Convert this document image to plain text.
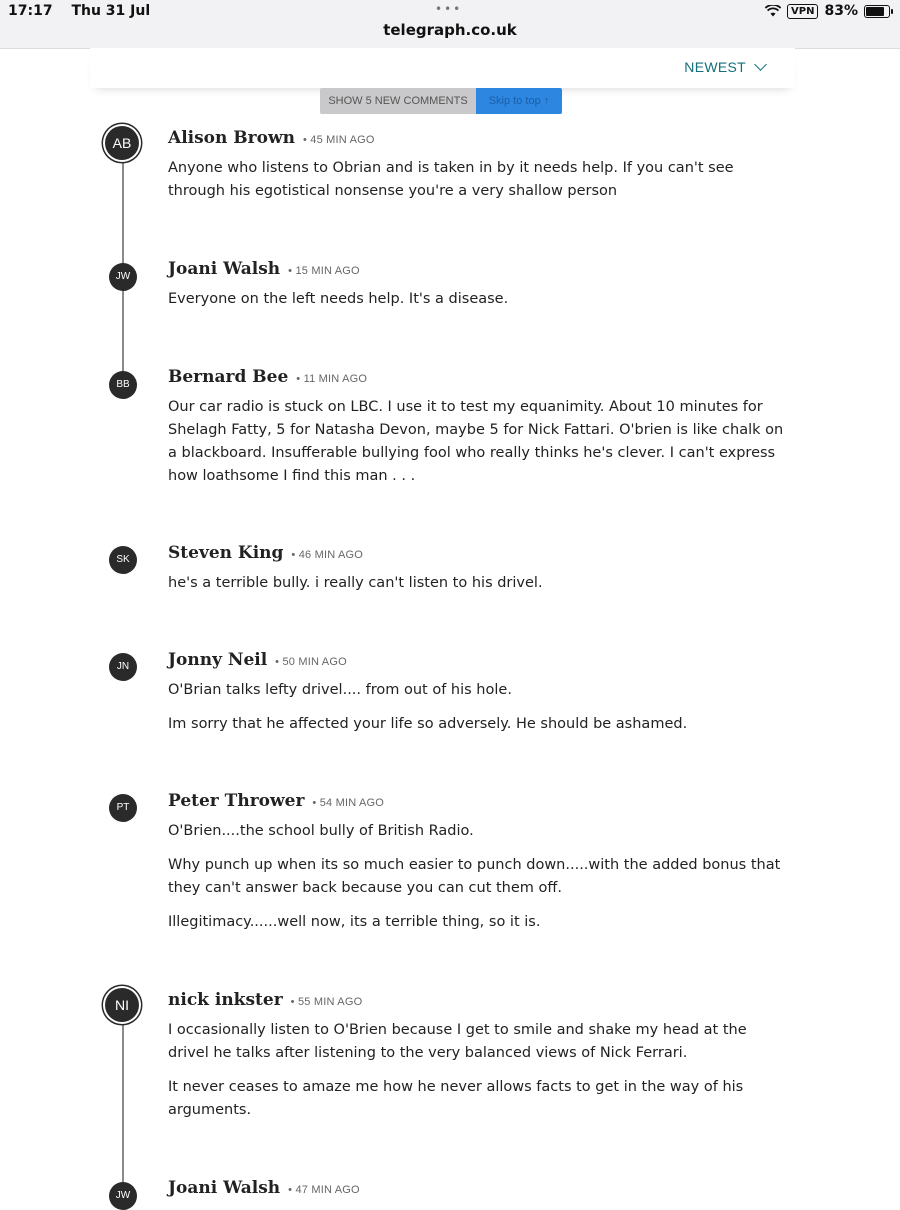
17:17 Thu 31 Jul	•••
telegraph.co.uk
VPN 83%
NEWEST
SHOW 5 NEW COMMENTS	Skip to top ↑
AB	Alison Brown • 45 MIN AGO

Anyone who listens to Obrian and is taken in by it needs help. If you can't see through his egotistical nonsense you're a very shallow person

JW	Joani Walsh • 15 MIN AGO

Everyone on the left needs help. It's a disease.

BB	Bernard Bee • 11 MIN AGO

Our car radio is stuck on LBC. I use it to test my equanimity. About 10 minutes for Shelagh Fatty, 5 for Natasha Devon, maybe 5 for Nick Fattari. O'brien is like chalk on a blackboard. Insufferable bullying fool who really thinks he's clever. I can't express how loathsome I find this man . . .

SK	Steven King • 46 MIN AGO

he's a terrible bully. i really can't listen to his drivel.

JN	Jonny Neil • 50 MIN AGO

O'Brian talks lefty drivel.... from out of his hole.

Im sorry that he affected your life so adversely. He should be ashamed.

PT	Peter Thrower • 54 MIN AGO

O'Brien....the school bully of British Radio.

Why punch up when its so much easier to punch down.....with the added bonus that they can't answer back because you can cut them off.

Illegitimacy......well now, its a terrible thing, so it is.

NI	nick inkster • 55 MIN AGO

I occasionally listen to O'Brien because I get to smile and shake my head at the drivel he talks after listening to the very balanced views of Nick Ferrari.

It never ceases to amaze me how he never allows facts to get in the way of his arguments.

JW	Joani Walsh • 47 MIN AGO
